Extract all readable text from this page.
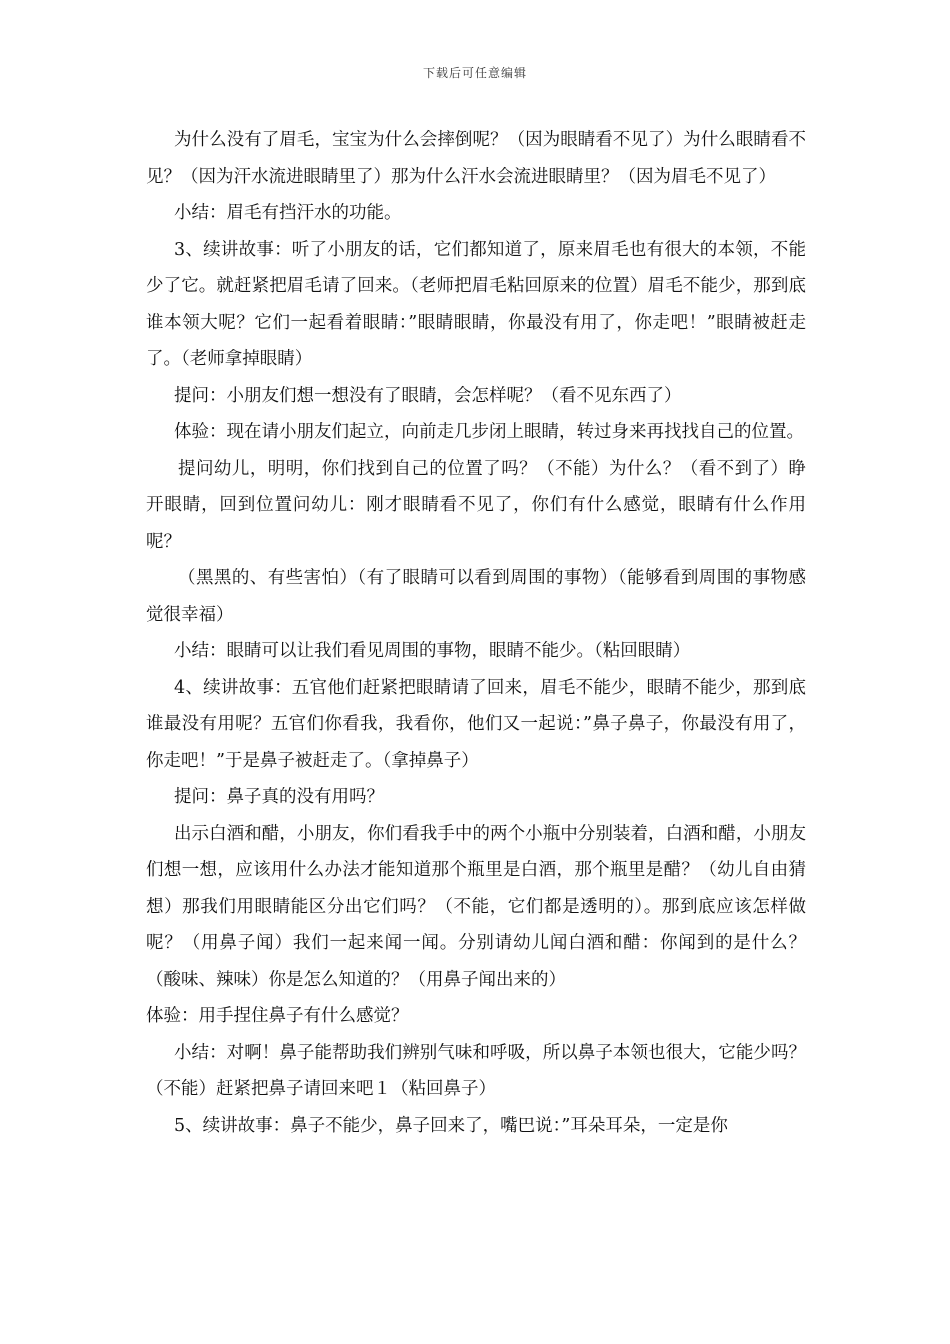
下载后可任意编辑

为什么没有了眉毛，宝宝为什么会摔倒呢？（因为眼睛看不见了）为什么眼睛看不见？（因为汗水流进眼睛里了）那为什么汗水会流进眼睛里？（因为眉毛不见了）

小结：眉毛有挡汗水的功能。

3、续讲故事：听了小朋友的话，它们都知道了，原来眉毛也有很大的本领，不能少了它。就赶紧把眉毛请了回来。（老师把眉毛粘回原来的位置）眉毛不能少，那到底谁本领大呢？它们一起看着眼睛：”眼睛眼睛，你最没有用了，你走吧！”眼睛被赶走了。（老师拿掉眼睛）

提问：小朋友们想一想没有了眼睛，会怎样呢？（看不见东西了）

体验：现在请小朋友们起立，向前走几步闭上眼睛，转过身来再找找自己的位置。

提问幼儿，明明，你们找到自己的位置了吗？（不能）为什么？（看不到了）睁开眼睛，回到位置问幼儿：刚才眼睛看不见了，你们有什么感觉，眼睛有什么作用呢？

（黑黑的、有些害怕）（有了眼睛可以看到周围的事物）（能够看到周围的事物感觉很幸福）

小结：眼睛可以让我们看见周围的事物，眼睛不能少。（粘回眼睛）

4、续讲故事：五官他们赶紧把眼睛请了回来，眉毛不能少，眼睛不能少，那到底谁最没有用呢？五官们你看我，我看你，他们又一起说：”鼻子鼻子，你最没有用了，你走吧！”于是鼻子被赶走了。（拿掉鼻子）

提问：鼻子真的没有用吗？

出示白酒和醋，小朋友，你们看我手中的两个小瓶中分别装着，白酒和醋，小朋友们想一想，应该用什么办法才能知道那个瓶里是白酒，那个瓶里是醋？（幼儿自由猜想）那我们用眼睛能区分出它们吗？（不能，它们都是透明的）。那到底应该怎样做呢？（用鼻子闻）我们一起来闻一闻。分别请幼儿闻白酒和醋：你闻到的是什么？（酸味、辣味）你是怎么知道的？（用鼻子闻出来的）

体验：用手捏住鼻子有什么感觉？

小结：对啊！鼻子能帮助我们辨别气味和呼吸，所以鼻子本领也很大，它能少吗？（不能）赶紧把鼻子请回来吧１（粘回鼻子）

5、续讲故事：鼻子不能少，鼻子回来了，嘴巴说：”耳朵耳朵，一定是你
